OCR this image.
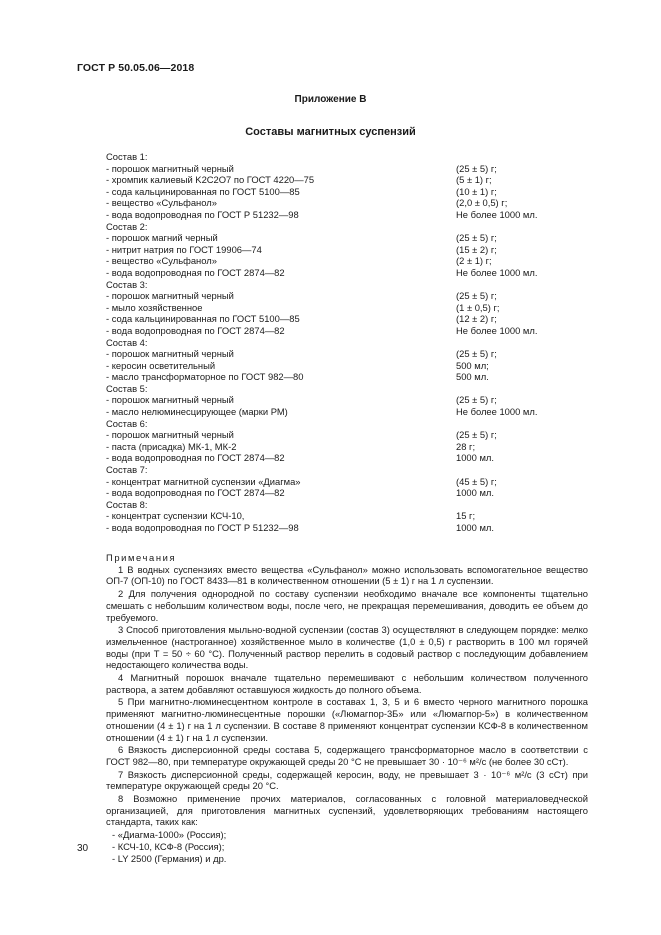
ГОСТ Р 50.05.06—2018
Приложение В
Составы магнитных суспензий
Состав 1:
- порошок магнитный черный	(25 ± 5) г;
- хромпик калиевый K2C2O7 по ГОСТ 4220—75	(5 ± 1) г;
- сода кальцинированная по ГОСТ 5100—85	(10 ± 1) г;
- вещество «Сульфанол»	(2,0 ± 0,5) г;
- вода водопроводная по ГОСТ Р 51232—98	Не более 1000 мл.
Состав 2:
- порошок магний черный	(25 ± 5) г;
- нитрит натрия по ГОСТ 19906—74	(15 ± 2) г;
- вещество «Сульфанол»	(2 ± 1) г;
- вода водопроводная по ГОСТ 2874—82	Не более 1000 мл.
Состав 3:
- порошок магнитный черный	(25 ± 5) г;
- мыло хозяйственное	(1 ± 0,5) г;
- сода кальцинированная по ГОСТ 5100—85	(12 ± 2) г;
- вода водопроводная по ГОСТ 2874—82	Не более 1000 мл.
Состав 4:
- порошок магнитный черный	(25 ± 5) г;
- керосин осветительный	500 мл;
- масло трансформаторное по ГОСТ 982—80	500 мл.
Состав 5:
- порошок магнитный черный	(25 ± 5) г;
- масло нелюминесцирующее (марки РМ)	Не более 1000 мл.
Состав 6:
- порошок магнитный черный	(25 ± 5) г;
- паста (присадка) МК-1, МК-2	28 г;
- вода водопроводная по ГОСТ 2874—82	1000 мл.
Состав 7:
- концентрат магнитной суспензии «Диагма»	(45 ± 5) г;
- вода водопроводная по ГОСТ 2874—82	1000 мл.
Состав 8:
- концентрат суспензии КСЧ-10,	15 г;
- вода водопроводная по ГОСТ Р 51232—98	1000 мл.
Примечания
1 В водных суспензиях вместо вещества «Сульфанол» можно использовать вспомогательное вещество ОП-7 (ОП-10) по ГОСТ 8433—81 в количественном отношении (5 ± 1) г на 1 л суспензии.
2 Для получения однородной по составу суспензии необходимо вначале все компоненты тщательно смешать с небольшим количеством воды, после чего, не прекращая перемешивания, доводить ее объем до требуемого.
3 Способ приготовления мыльно-водной суспензии (состав 3) осуществляют в следующем порядке: мелко измельченное (настроганное) хозяйственное мыло в количестве (1,0 ± 0,5) г растворить в 100 мл горячей воды (при T = 50 ÷ 60 °С). Полученный раствор перелить в содовый раствор с последующим добавлением недостающего количества воды.
4 Магнитный порошок вначале тщательно перемешивают с небольшим количеством полученного раствора, а затем добавляют оставшуюся жидкость до полного объема.
5 При магнитно-люминесцентном контроле в составах 1, 3, 5 и 6 вместо черного магнитного порошка применяют магнитно-люминесцентные порошки («Люмагпор-3Б» или «Люмагпор-5») в количественном отношении (4 ± 1) г на 1 л суспензии. В составе 8 применяют концентрат суспензии КСФ-8 в количественном отношении (4 ± 1) г на 1 л суспензии.
6 Вязкость дисперсионной среды состава 5, содержащего трансформаторное масло в соответствии с ГОСТ 982—80, при температуре окружающей среды 20 °С не превышает 30 · 10⁻⁶ м²/с (не более 30 сСт).
7 Вязкость дисперсионной среды, содержащей керосин, воду, не превышает 3 · 10⁻⁶ м²/с (3 сСт) при температуре окружающей среды 20 °С.
8 Возможно применение прочих материалов, согласованных с головной материаловедческой организацией, для приготовления магнитных суспензий, удовлетворяющих требованиям настоящего стандарта, таких как:
- «Диагма-1000» (Россия);
- КСЧ-10, КСФ-8 (Россия);
- LY 2500 (Германия) и др.
30
